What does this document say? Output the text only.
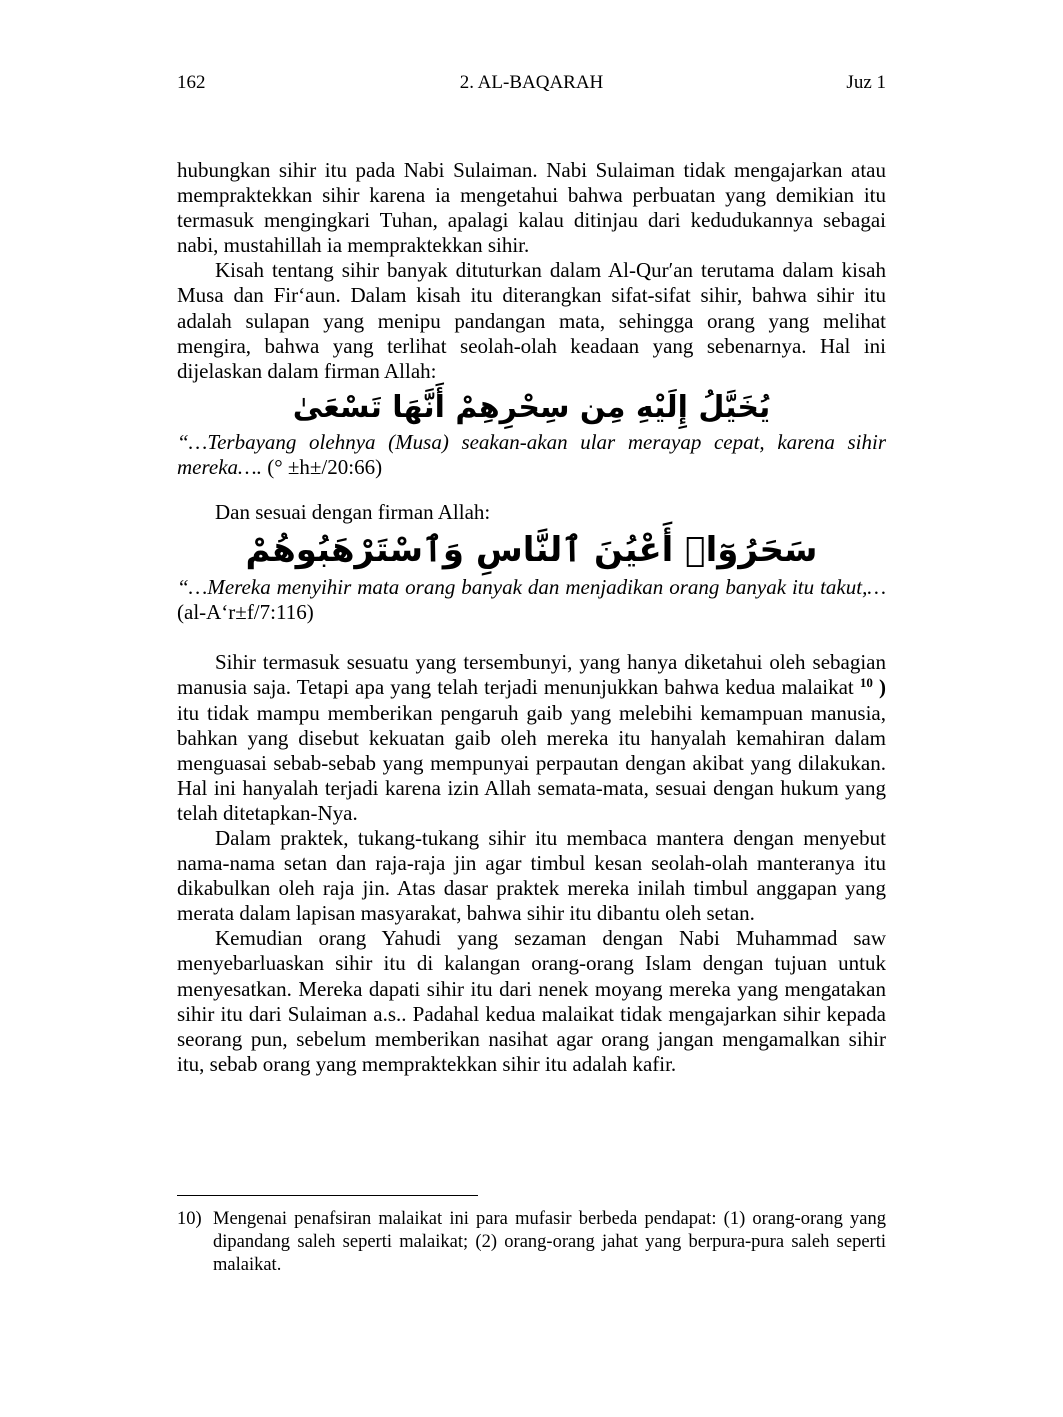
162	2. AL-BAQARAH	Juz 1

hubungkan sihir itu pada Nabi Sulaiman. Nabi Sulaiman tidak mengajarkan atau mempraktekkan sihir karena ia mengetahui bahwa perbuatan yang demikian itu termasuk mengingkari Tuhan, apalagi kalau ditinjau dari kedudukannya sebagai nabi, mustahillah ia mempraktekkan sihir.

Kisah tentang sihir banyak dituturkan dalam Al-Qur′an terutama dalam kisah Musa dan Fir‘aun. Dalam kisah itu diterangkan sifat-sifat sihir, bahwa sihir itu adalah sulapan yang menipu pandangan mata, sehingga orang yang melihat mengira, bahwa yang terlihat seolah-olah keadaan yang sebenarnya. Hal ini dijelaskan dalam firman Allah:

يُخَيَّلُ إِلَيْهِ مِن سِحْرِهِمْ أَنَّهَا تَسْعَىٰ

“…Terbayang olehnya (Musa) seakan-akan ular merayap cepat, karena sihir mereka…. (° ±h±/20:66)

Dan sesuai dengan firman Allah:

سَحَرُوٓا۟ أَعْيُنَ ٱلنَّاسِ وَٱسْتَرْهَبُوهُمْ

“…Mereka menyihir mata orang banyak dan menjadikan orang banyak itu takut,… (al-A‘r±f/7:116)

Sihir termasuk sesuatu yang tersembunyi, yang hanya diketahui oleh sebagian manusia saja. Tetapi apa yang telah terjadi menunjukkan bahwa kedua malaikat $^{10}$ ) itu tidak mampu memberikan pengaruh gaib yang melebihi kemampuan manusia, bahkan yang disebut kekuatan gaib oleh mereka itu hanyalah kemahiran dalam menguasai sebab-sebab yang mempunyai perpautan dengan akibat yang dilakukan. Hal ini hanyalah terjadi karena izin Allah semata-mata, sesuai dengan hukum yang telah ditetapkan-Nya.

Dalam praktek, tukang-tukang sihir itu membaca mantera dengan menyebut nama-nama setan dan raja-raja jin agar timbul kesan seolah-olah manteranya itu dikabulkan oleh raja jin. Atas dasar praktek mereka inilah timbul anggapan yang merata dalam lapisan masyarakat, bahwa sihir itu dibantu oleh setan.

Kemudian orang Yahudi yang sezaman dengan Nabi Muhammad saw menyebarluaskan sihir itu di kalangan orang-orang Islam dengan tujuan untuk menyesatkan. Mereka dapati sihir itu dari nenek moyang mereka yang mengatakan sihir itu dari Sulaiman a.s.. Padahal kedua malaikat tidak mengajarkan sihir kepada seorang pun, sebelum memberikan nasihat agar orang jangan mengamalkan sihir itu, sebab orang yang mempraktekkan sihir itu adalah kafir.

10) Mengenai penafsiran malaikat ini para mufasir berbeda pendapat: (1) orang-orang yang dipandang saleh seperti malaikat; (2) orang-orang jahat yang berpura-pura saleh seperti malaikat.
